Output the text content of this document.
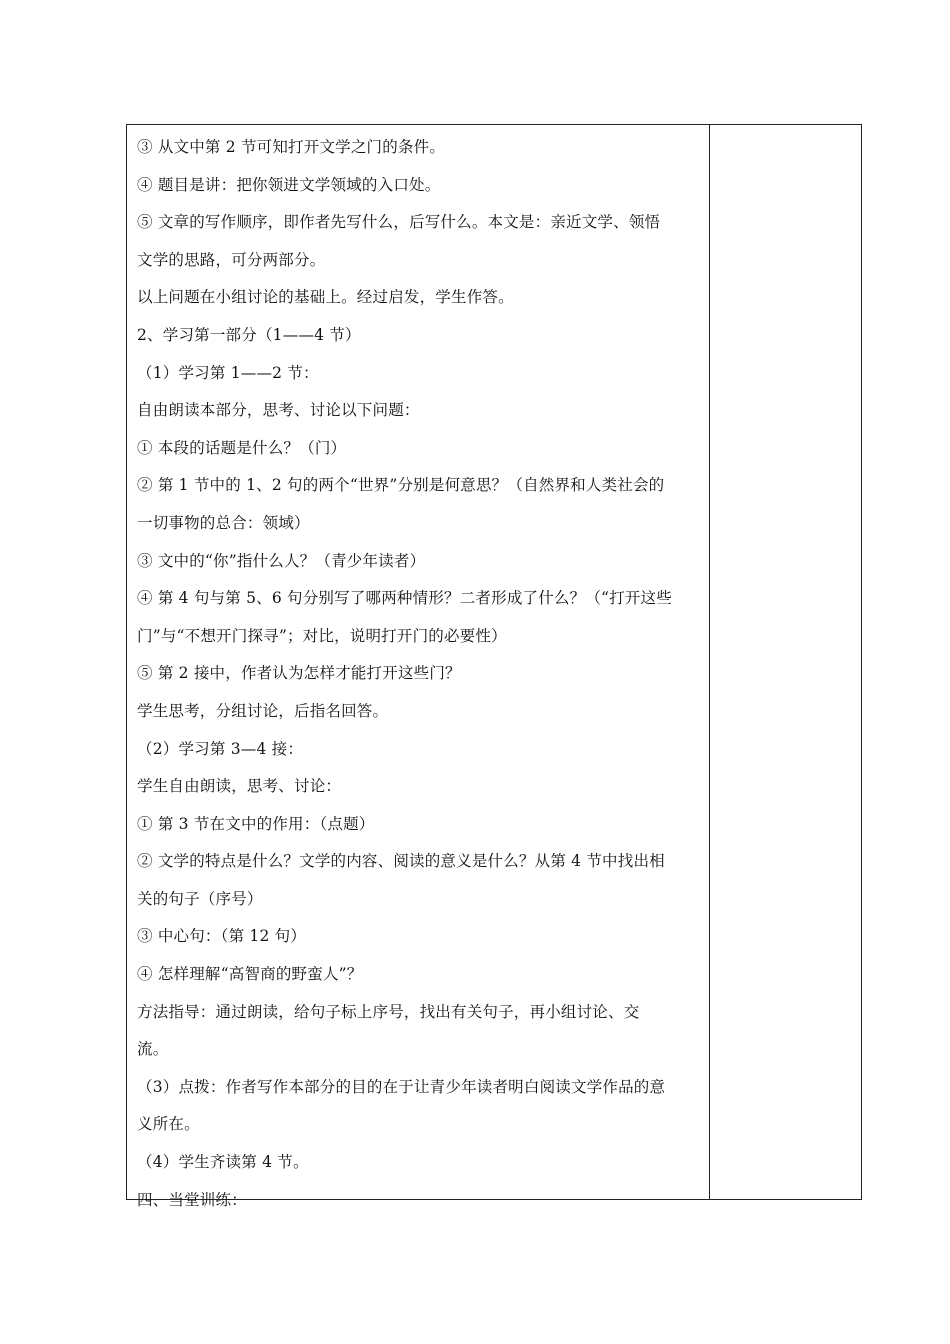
③ 从文中第 2 节可知打开文学之门的条件。
④ 题目是讲：把你领进文学领域的入口处。
⑤ 文章的写作顺序，即作者先写什么，后写什么。本文是：亲近文学、领悟
文学的思路，可分两部分。
以上问题在小组讨论的基础上。经过启发，学生作答。
2、学习第一部分（1——4 节）
（1）学习第 1——2 节：
自由朗读本部分，思考、讨论以下问题：
① 本段的话题是什么？（门）
② 第 1 节中的 1、2 句的两个“世界”分别是何意思？（自然界和人类社会的
一切事物的总合：领域）
③ 文中的“你”指什么人？（青少年读者）
④ 第 4 句与第 5、6 句分别写了哪两种情形？二者形成了什么？（“打开这些
门”与“不想开门探寻”；对比，说明打开门的必要性）
⑤ 第 2 接中，作者认为怎样才能打开这些门？
学生思考，分组讨论，后指名回答。
（2）学习第 3—4 接：
学生自由朗读，思考、讨论：
① 第 3 节在文中的作用：（点题）
② 文学的特点是什么？文学的内容、阅读的意义是什么？从第 4 节中找出相
关的句子（序号）
③ 中心句：（第 12 句）
④ 怎样理解“高智商的野蛮人”？
方法指导：通过朗读，给句子标上序号，找出有关句子，再小组讨论、交
流。
（3）点拨：作者写作本部分的目的在于让青少年读者明白阅读文学作品的意
义所在。
（4）学生齐读第 4 节。
四、当堂训练：
